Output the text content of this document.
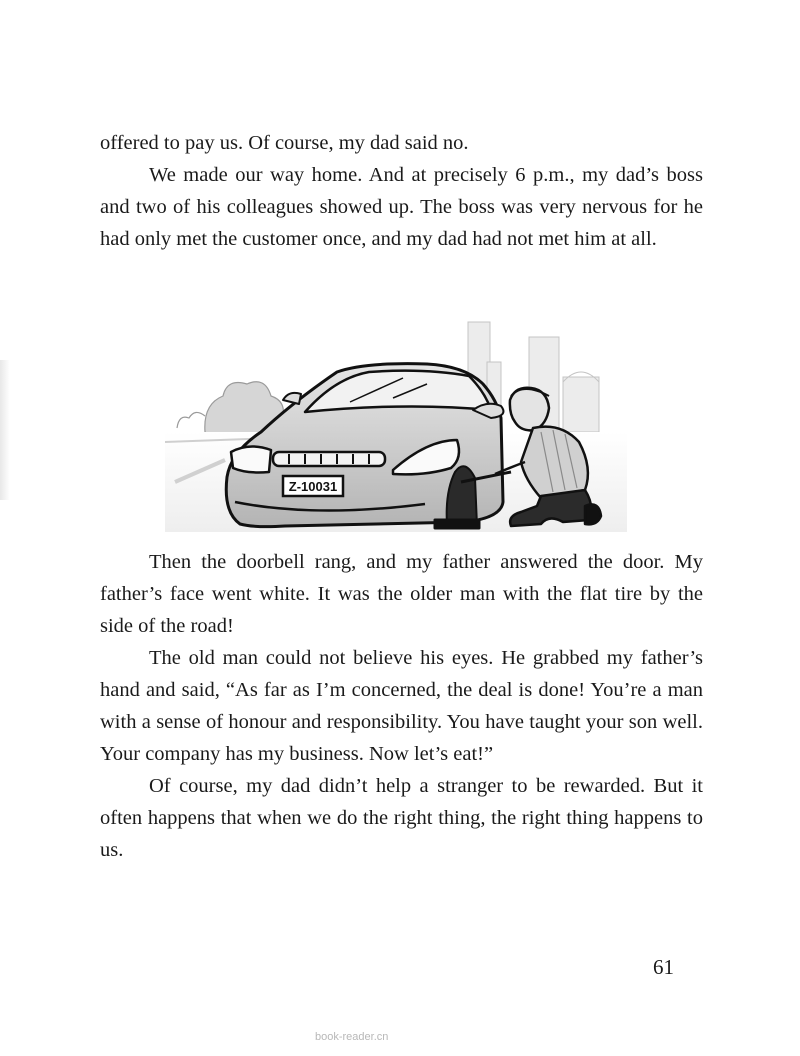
offered to pay us. Of course, my dad said no.

We made our way home. And at precisely 6 p.m., my dad’s boss and two of his colleagues showed up. The boss was very nervous for he had only met the customer once, and my dad had not met him at all.

Z-10031

Then the doorbell rang, and my father answered the door. My father’s face went white. It was the older man with the flat tire by the side of the road!

The old man could not believe his eyes. He grabbed my father’s hand and said, “As far as I’m concerned, the deal is done! You’re a man with a sense of honour and responsibility. You have taught your son well. Your company has my business. Now let’s eat!”

Of course, my dad didn’t help a stranger to be rewarded. But it often happens that when we do the right thing, the right thing happens to us.

61
book-reader.cn
